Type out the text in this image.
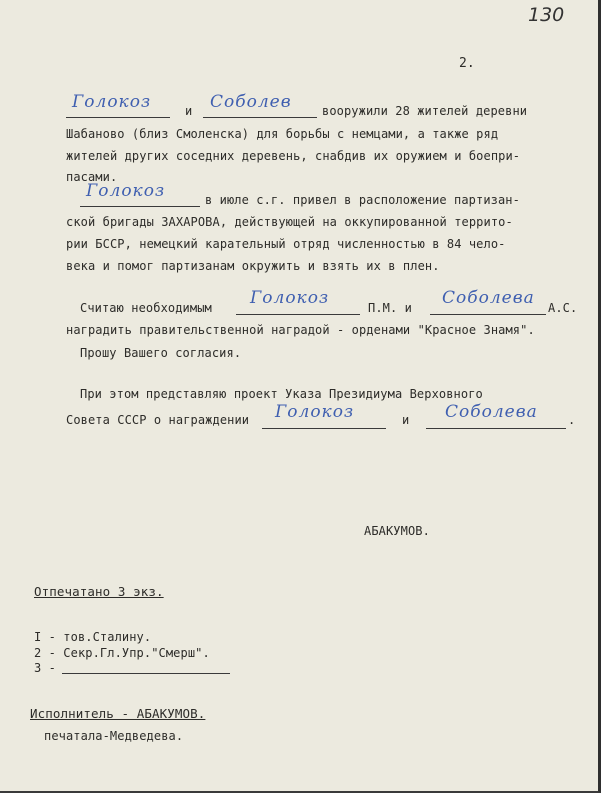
130
2.
Голокоз	и Соболев	вооружили 28 жителей деревни
Шабаново (близ Смоленска) для борьбы с немцами, а также ряд
жителей других соседних деревень, снабдив их оружием и боепри-
пасами.
Голокоз	в июле с.г. привел в расположение партизан-
ской бригады ЗАХАРОВА, действующей на оккупированной террито-
рии БССР, немецкий карательный отряд численностью в 84 чело-
века и помог партизанам окружить и взять их в плен.
Считаю необходимым Голокоз	П.М. и Соболева А.С.
наградить правительственной наградой - орденами "Красное Знамя".
Прошу Вашего согласия.
При этом представляю проект Указа Президиума Верховного
Совета СССР о награждении Голокоз	и Соболева	.
АБАКУМОВ.
Отпечатано 3 экз.
I - тов.Сталину.
2 - Секр.Гл.Упр."Смерш".
3 -
Исполнитель - АБАКУМОВ.
печатала-Медведева.
